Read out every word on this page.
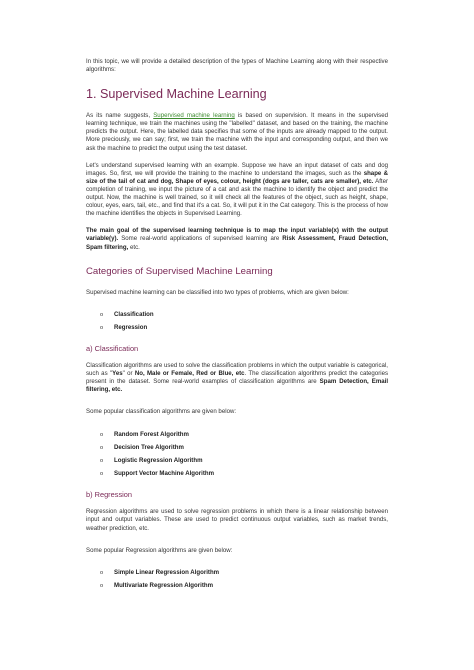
In this topic, we will provide a detailed description of the types of Machine Learning along with their respective algorithms:

1. Supervised Machine Learning

As its name suggests, Supervised machine learning is based on supervision. It means in the supervised learning technique, we train the machines using the "labelled" dataset, and based on the training, the machine predicts the output. Here, the labelled data specifies that some of the inputs are already mapped to the output. More preciously, we can say; first, we train the machine with the input and corresponding output, and then we ask the machine to predict the output using the test dataset.

Let's understand supervised learning with an example. Suppose we have an input dataset of cats and dog images. So, first, we will provide the training to the machine to understand the images, such as the shape & size of the tail of cat and dog, Shape of eyes, colour, height (dogs are taller, cats are smaller), etc. After completion of training, we input the picture of a cat and ask the machine to identify the object and predict the output. Now, the machine is well trained, so it will check all the features of the object, such as height, shape, colour, eyes, ears, tail, etc., and find that it's a cat. So, it will put it in the Cat category. This is the process of how the machine identifies the objects in Supervised Learning.

The main goal of the supervised learning technique is to map the input variable(x) with the output variable(y). Some real-world applications of supervised learning are Risk Assessment, Fraud Detection, Spam filtering, etc.

Categories of Supervised Machine Learning

Supervised machine learning can be classified into two types of problems, which are given below:

o	Classification
o	Regression
a) Classification

Classification algorithms are used to solve the classification problems in which the output variable is categorical, such as "Yes" or No, Male or Female, Red or Blue, etc. The classification algorithms predict the categories present in the dataset. Some real-world examples of classification algorithms are Spam Detection, Email filtering, etc.

Some popular classification algorithms are given below:

o	Random Forest Algorithm
o	Decision Tree Algorithm
o	Logistic Regression Algorithm
o	Support Vector Machine Algorithm
b) Regression

Regression algorithms are used to solve regression problems in which there is a linear relationship between input and output variables. These are used to predict continuous output variables, such as market trends, weather prediction, etc.

Some popular Regression algorithms are given below:

o	Simple Linear Regression Algorithm
o	Multivariate Regression Algorithm
